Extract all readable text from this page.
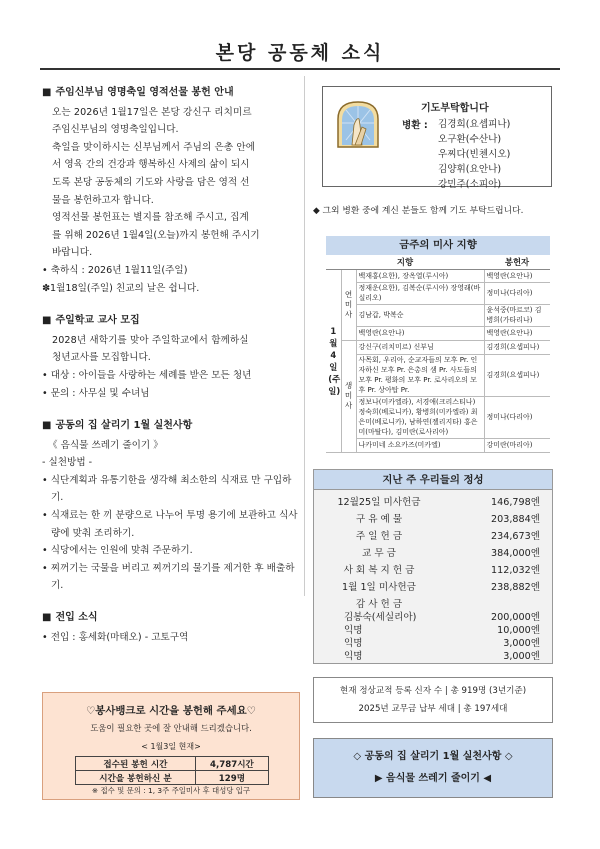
본당 공동체 소식
■ 주임신부님 영명축일 영적선물 봉헌 안내
오는 2026년 1월17일은 본당 강신구 리치미르
주임신부님의 영명축일입니다.
축일을 맞이하시는 신부님께서 주님의 은총 안에
서 영육 간의 건강과 행복하신 사제의 삶이 되시
도록 본당 공동체의 기도와 사랑을 담은 영적 선
물을 봉헌하고자 합니다.
영적선물 봉헌표는 별지를 참조해 주시고, 집계
를 위해 2026년 1월4일(오늘)까지 봉헌해 주시기
바랍니다.
• 축하식 : 2026년 1월11일(주일)
✽1월18일(주일) 친교의 날은 쉽니다.
■ 주일학교 교사 모집
2028년 새학기를 맞아 주일학교에서 함께하실
청년교사를 모집합니다.
• 대상 : 아이들을 사랑하는 세례를 받은 모든 청년
• 문의 : 사무실 및 수녀님
■ 공동의 집 살리기 1월 실천사항
《 음식물 쓰레기 줄이기 》
- 실천방법 -
• 식단계획과 유통기한을 생각해 최소한의 식재료 만 구입하기.
• 식재료는 한 끼 분량으로 나누어 투명 용기에 보관하고 식사량에 맞춰 조리하기.
• 식당에서는 인원에 맞춰 주문하기.
• 찌꺼기는 국물을 버리고 찌꺼기의 물기를 제거한 후 배출하기.
■ 전입 소식
• 전입 : 홍세화(마태오) - 고토구역
기도부탁합니다
병환 : 김경희(요셉피나)
오구환(수산나)
우찌다(빈첸시오)
김양휘(요안나)
강민주(소피아)
◆ 그외 병환 중에 계신 분들도 함께 기도 부탁드립니다.
금주의 미사 지향
지향			봉헌자
1월4일(주일)	연미사	백재홍(요한), 장옥열(루시아)	백영란(요안나)
		정재운(요한), 김복순(루시아) 장영래(바실리오)	정미나(다리아)
		김남갑, 박복순	윤석중(마르코) 김병희(가타리나)
		백영란(요안나)	백영란(요안나)
	생미사	강신구(리치미르) 신부님	김경희(요셉피나)
		사목회, 우리아, 순교자들의 모후 Pr. 인자하신 모후 Pr. 은총의 샘 Pr. 사도들의 모후 Pr. 평화의 모후 Pr. 로사리오의 모후 Pr. 상아탑 Pr.	김경희(요셉피나)
		정보나(미카엘라), 서경애(크리스티나) 정숙희(베로니카), 황병희(미카엘라) 최은미(베로니카), 남하연(젤리지타) 홍은미(마탈다), 김미란(로사리아)	정미나(다리아)
		나카미네 소요카즈(미카엘)	강미란(마리아)
지난 주 우리들의 정성
12월25일 미사헌금	146,798엔
구 유 예 물	203,884엔
주 일 헌 금	234,673엔
교 무 금	384,000엔
사 회 복 지 헌 금	112,032엔
1월 1일 미사헌금	238,882엔
감 사 헌 금
김봉숙(세실리아)	200,000엔
익명	10,000엔
익명	3,000엔
익명	3,000엔
현재 정상교적 등록 신자 수 | 총 919명 (3년기준)
2025년 교무금 납부 세대 | 총 197세대
◇ 공동의 집 살리기 1월 실천사항 ◇
▶ 음식물 쓰레기 줄이기 ◀
♡봉사뱅크로 시간을 봉헌해 주세요♡
도움이 필요한 곳에 잘 안내해 드리겠습니다.
< 1월3일 현재>
접수된 봉헌 시간	4,787시간
시간을 봉헌하신 분	129명
※ 접수 및 문의 : 1, 3주 주일미사 후 대성당 입구
